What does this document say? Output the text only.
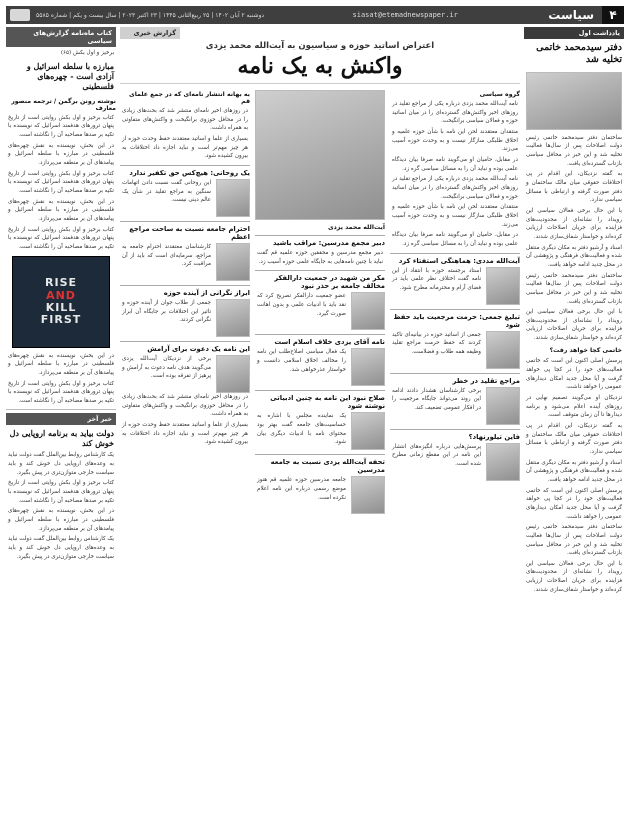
۴
سیاست
siasat@etemadnewspaper.ir
دوشنبه ۲ آبان ۱۴۰۲ | ۲۵ ربیع‌الثانی ۱۴۴۵ | ۲۳ اکتبر ۲۰۲۳ | سال بیست و یکم | شماره ۵۵۸۵
یادداشت اول
دفتر سیدمحمد خاتمی تخلیه شد

ساختمان دفتر سیدمحمد خاتمی رئیس دولت اصلاحات پس از سال‌ها فعالیت تخلیه شد و این خبر در محافل سیاسی بازتاب گسترده‌ای یافت.

به گفته نزدیکان، این اقدام در پی اختلافات حقوقی میان مالک ساختمان و دفتر صورت گرفته و ارتباطی با مسائل سیاسی ندارد.

با این حال برخی فعالان سیاسی این رویداد را نشانه‌ای از محدودیت‌های فزاینده برای جریان اصلاحات ارزیابی کرده‌اند و خواستار شفاف‌سازی شدند.

اسناد و آرشیو دفتر به مکان دیگری منتقل شده و فعالیت‌های فرهنگی و پژوهشی آن در محل جدید ادامه خواهد یافت.

ساختمان دفتر سیدمحمد خاتمی رئیس دولت اصلاحات پس از سال‌ها فعالیت تخلیه شد و این خبر در محافل سیاسی بازتاب گسترده‌ای یافت.

با این حال برخی فعالان سیاسی این رویداد را نشانه‌ای از محدودیت‌های فزاینده برای جریان اصلاحات ارزیابی کرده‌اند و خواستار شفاف‌سازی شدند.

خاتمی کجا خواهد رفت؟

پرسش اصلی اکنون این است که خاتمی فعالیت‌های خود را در کجا پی خواهد گرفت و آیا محل جدید امکان دیدارهای عمومی را خواهد داشت.

نزدیکان او می‌گویند تصمیم نهایی در روزهای آینده اعلام می‌شود و برنامه دیدارها تا آن زمان متوقف است.

به گفته نزدیکان، این اقدام در پی اختلافات حقوقی میان مالک ساختمان و دفتر صورت گرفته و ارتباطی با مسائل سیاسی ندارد.

اسناد و آرشیو دفتر به مکان دیگری منتقل شده و فعالیت‌های فرهنگی و پژوهشی آن در محل جدید ادامه خواهد یافت.

پرسش اصلی اکنون این است که خاتمی فعالیت‌های خود را در کجا پی خواهد گرفت و آیا محل جدید امکان دیدارهای عمومی را خواهد داشت.

ساختمان دفتر سیدمحمد خاتمی رئیس دولت اصلاحات پس از سال‌ها فعالیت تخلیه شد و این خبر در محافل سیاسی بازتاب گسترده‌ای یافت.

با این حال برخی فعالان سیاسی این رویداد را نشانه‌ای از محدودیت‌های فزاینده برای جریان اصلاحات ارزیابی کرده‌اند و خواستار شفاف‌سازی شدند.

گزارش خبری
اعتراض اساتید حوزه و سیاسیون به آیت‌الله محمد یزدی
واکنش به یک نامه
گروه سیاسی

نامه آیت‌الله محمد یزدی درباره یکی از مراجع تقلید در روزهای اخیر واکنش‌های گسترده‌ای را در میان اساتید حوزه و فعالان سیاسی برانگیخت.

منتقدان معتقدند لحن این نامه با شأن حوزه علمیه و اخلاق طلبگی سازگار نیست و به وحدت حوزه آسیب می‌زند.

در مقابل، حامیان او می‌گویند نامه صرفا بیان دیدگاه علمی بوده و نباید آن را به مسائل سیاسی گره زد.

نامه آیت‌الله محمد یزدی درباره یکی از مراجع تقلید در روزهای اخیر واکنش‌های گسترده‌ای را در میان اساتید حوزه و فعالان سیاسی برانگیخت.

منتقدان معتقدند لحن این نامه با شأن حوزه علمیه و اخلاق طلبگی سازگار نیست و به وحدت حوزه آسیب می‌زند.

در مقابل، حامیان او می‌گویند نامه صرفا بیان دیدگاه علمی بوده و نباید آن را به مسائل سیاسی گره زد.

آیت‌الله مددی: هماهنگی استفتاء کرد
استاد برجسته حوزه با انتقاد از این نامه گفت اختلاف نظر علمی باید در فضای آرام و محترمانه مطرح شود.
تبلیغ جمعی: حرمت مرجعیت باید حفظ شود
جمعی از اساتید حوزه در بیانیه‌ای تاکید کردند که حفظ حرمت مراجع تقلید وظیفه همه طلاب و فضلاست.
مراجع تقلید در خطر
برخی کارشناسان هشدار دادند ادامه این روند می‌تواند جایگاه مرجعیت را در افکار عمومی تضعیف کند.
فاین تیلورنهاد؟
پرسش‌هایی درباره انگیزه‌های انتشار این نامه در این مقطع زمانی مطرح شده است.
آیت‌الله محمد یزدی
دبیر مجمع مدرسین: مراقب باشید
دبیر مجمع مدرسین و محققین حوزه علمیه قم گفت نباید با چنین نامه‌هایی به جایگاه علمی حوزه آسیب زد.
مکر من شهید در جمعیت دارالفکر مخالف جامعه بر حذر نبود
عضو جمعیت دارالفکر تصریح کرد که نقد باید با ادبیات علمی و بدون اهانت صورت گیرد.
نامه آقای یزدی خلاف اسلام است
یک فعال سیاسی اصلاح‌طلب این نامه را مخالف اخلاق اسلامی دانست و خواستار عذرخواهی شد.
صلاح نبود این نامه به چنین ادبیاتی نوشته شود
یک نماینده مجلس با اشاره به حساسیت‌های جامعه گفت بهتر بود محتوای نامه با ادبیات دیگری بیان شود.
تحفه آیت‌الله یزدی نسبت به جامعه مدرسین
جامعه مدرسین حوزه علمیه قم هنوز موضع رسمی درباره این نامه اعلام نکرده است.
به بهانه انتشار نامه‌ای که در جمع علمای قم

در روزهای اخیر نامه‌ای منتشر شد که بحث‌های زیادی را در محافل حوزوی برانگیخت و واکنش‌های متفاوتی به همراه داشت.

بسیاری از علما و اساتید معتقدند حفظ وحدت حوزه از هر چیز مهم‌تر است و نباید اجازه داد اختلافات به بیرون کشیده شود.

یک روحانی: هیچ‌کس حق تکفیر ندارد
این روحانی گفت نسبت دادن اتهامات سنگین به مراجع تقلید در شأن یک عالم دینی نیست.
احترام جامعه نسبت به ساحت مراجع اعظم
کارشناسان معتقدند احترام جامعه به مراجع، سرمایه‌ای است که باید از آن مراقبت کرد.
ابراز نگرانی از آینده حوزه
جمعی از طلاب جوان از آینده حوزه و تاثیر این اختلافات بر جایگاه آن ابراز نگرانی کردند.
این نامه یک دعوت برای آرامش
برخی از نزدیکان آیت‌الله یزدی می‌گویند هدف نامه دعوت به آرامش و پرهیز از تفرقه بوده است.

در روزهای اخیر نامه‌ای منتشر شد که بحث‌های زیادی را در محافل حوزوی برانگیخت و واکنش‌های متفاوتی به همراه داشت.

بسیاری از علما و اساتید معتقدند حفظ وحدت حوزه از هر چیز مهم‌تر است و نباید اجازه داد اختلافات به بیرون کشیده شود.

کتاب ماه‌نامه گزارش‌های سیاسی
برخیز و اول بکش (۶۵)
مبارزه با سلطه اسرائیل و آزادی است - چهره‌های فلسطینی
نوشته رونن برگمن / ترجمه منصور معارف

کتاب برخیز و اول بکش روایتی است از تاریخ پنهان ترورهای هدفمند اسرائیل که نویسنده با تکیه بر صدها مصاحبه آن را نگاشته است.

در این بخش، نویسنده به نقش چهره‌های فلسطینی در مبارزه با سلطه اسرائیل و پیامدهای آن بر منطقه می‌پردازد.

کتاب برخیز و اول بکش روایتی است از تاریخ پنهان ترورهای هدفمند اسرائیل که نویسنده با تکیه بر صدها مصاحبه آن را نگاشته است.

در این بخش، نویسنده به نقش چهره‌های فلسطینی در مبارزه با سلطه اسرائیل و پیامدهای آن بر منطقه می‌پردازد.

کتاب برخیز و اول بکش روایتی است از تاریخ پنهان ترورهای هدفمند اسرائیل که نویسنده با تکیه بر صدها مصاحبه آن را نگاشته است.

RISE
AND
KILL
FIRST

در این بخش، نویسنده به نقش چهره‌های فلسطینی در مبارزه با سلطه اسرائیل و پیامدهای آن بر منطقه می‌پردازد.

کتاب برخیز و اول بکش روایتی است از تاریخ پنهان ترورهای هدفمند اسرائیل که نویسنده با تکیه بر صدها مصاحبه آن را نگاشته است.

خبر آخر
دولت بیاید به برنامه اروپایی دل خوش کند

یک کارشناس روابط بین‌الملل گفت دولت نباید به وعده‌های اروپایی دل خوش کند و باید سیاست خارجی متوازن‌تری در پیش بگیرد.

کتاب برخیز و اول بکش روایتی است از تاریخ پنهان ترورهای هدفمند اسرائیل که نویسنده با تکیه بر صدها مصاحبه آن را نگاشته است.

در این بخش، نویسنده به نقش چهره‌های فلسطینی در مبارزه با سلطه اسرائیل و پیامدهای آن بر منطقه می‌پردازد.

یک کارشناس روابط بین‌الملل گفت دولت نباید به وعده‌های اروپایی دل خوش کند و باید سیاست خارجی متوازن‌تری در پیش بگیرد.
